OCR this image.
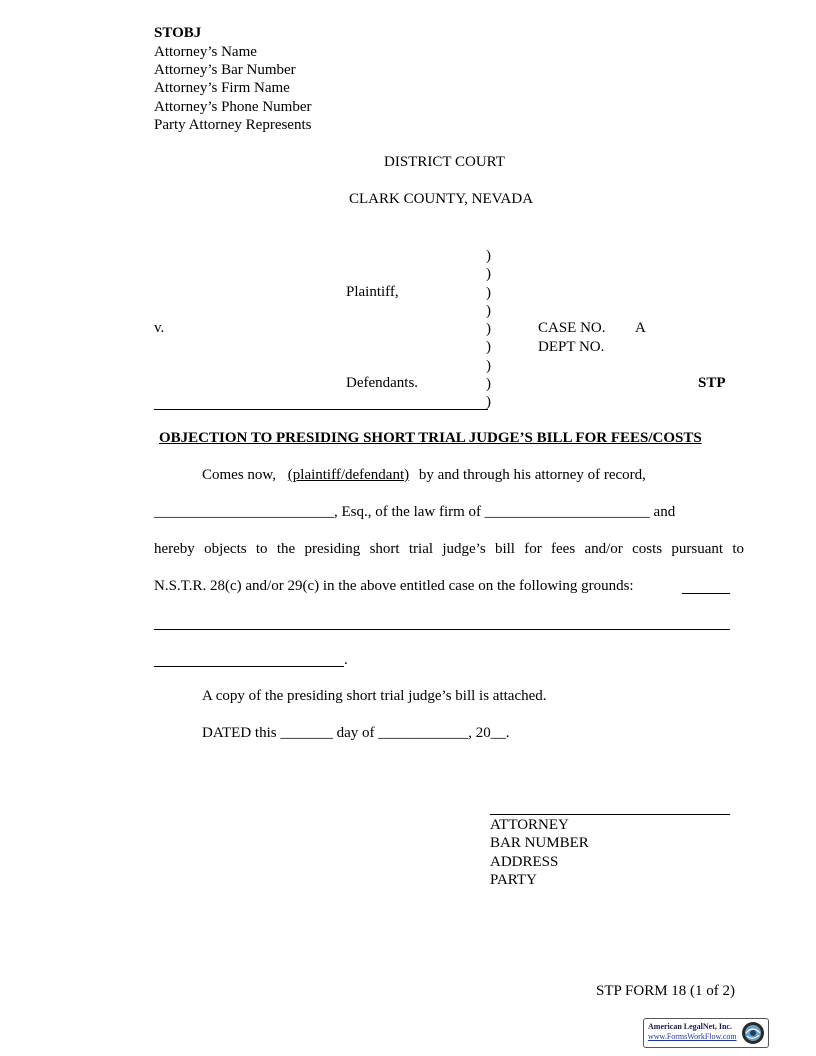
STOBJ
Attorney’s Name
Attorney’s Bar Number
Attorney’s Firm Name
Attorney’s Phone Number
Party Attorney Represents
DISTRICT COURT
CLARK COUNTY, NEVADA
Plaintiff,
v.
Defendants.
)
)
)
)
)
)
)
)
)
CASE NO. A
DEPT NO.
STP
OBJECTION TO PRESIDING SHORT TRIAL JUDGE’S BILL FOR FEES/COSTS
Comes now, (plaintiff/defendant) by and through his attorney of record,
________________________, Esq., of the law firm of ______________________ and
hereby objects to the presiding short trial judge’s bill for fees and/or costs pursuant to
N.S.T.R. 28(c) and/or 29(c) in the above entitled case on the following grounds:
.
A copy of the presiding short trial judge’s bill is attached.
DATED this _______ day of ____________, 20__.
ATTORNEY
BAR NUMBER
ADDRESS
PARTY
STP FORM 18 (1 of 2)
American LegalNet, Inc.
www.FormsWorkFlow.com
